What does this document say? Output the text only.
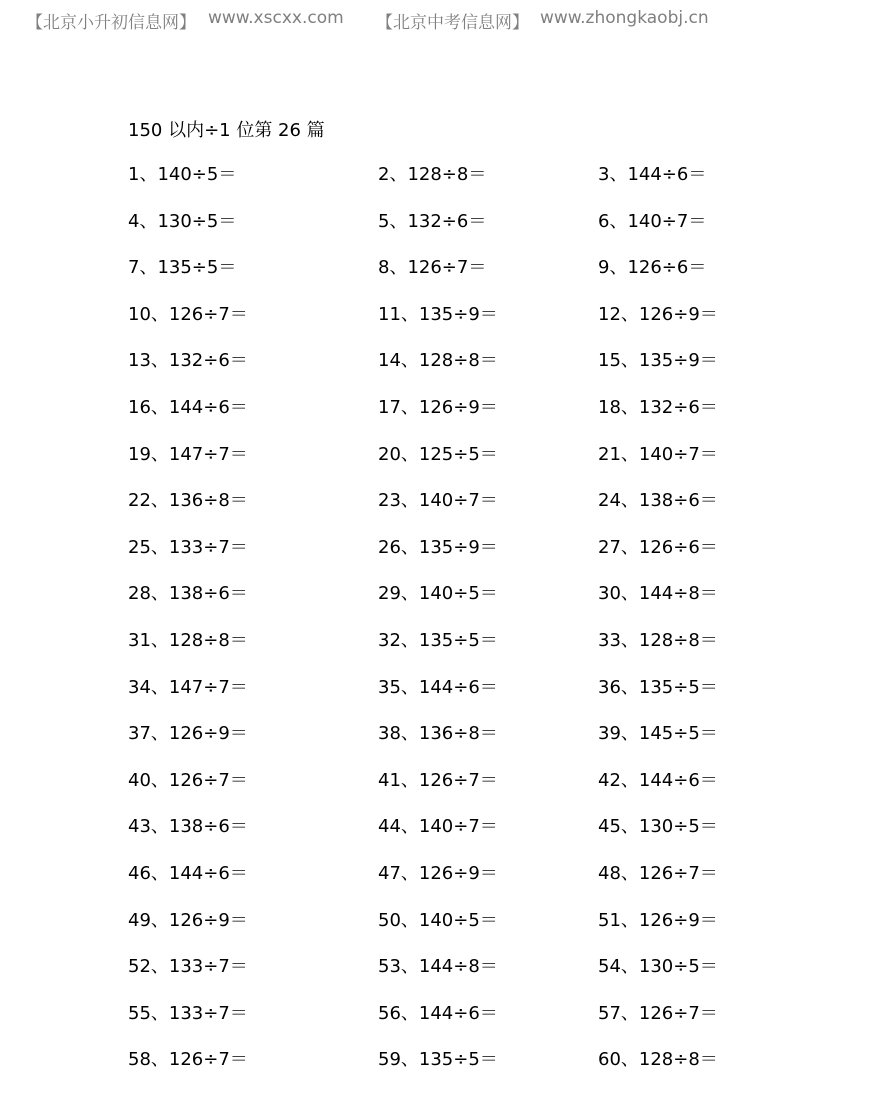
【北京小升初信息网】 www.xscxx.com 【北京中考信息网】 www.zhongkaobj.cn
150 以内÷1 位第 26 篇
1、140÷5＝	2、128÷8＝	3、144÷6＝
4、130÷5＝	5、132÷6＝	6、140÷7＝
7、135÷5＝	8、126÷7＝	9、126÷6＝
10、126÷7＝	11、135÷9＝	12、126÷9＝
13、132÷6＝	14、128÷8＝	15、135÷9＝
16、144÷6＝	17、126÷9＝	18、132÷6＝
19、147÷7＝	20、125÷5＝	21、140÷7＝
22、136÷8＝	23、140÷7＝	24、138÷6＝
25、133÷7＝	26、135÷9＝	27、126÷6＝
28、138÷6＝	29、140÷5＝	30、144÷8＝
31、128÷8＝	32、135÷5＝	33、128÷8＝
34、147÷7＝	35、144÷6＝	36、135÷5＝
37、126÷9＝	38、136÷8＝	39、145÷5＝
40、126÷7＝	41、126÷7＝	42、144÷6＝
43、138÷6＝	44、140÷7＝	45、130÷5＝
46、144÷6＝	47、126÷9＝	48、126÷7＝
49、126÷9＝	50、140÷5＝	51、126÷9＝
52、133÷7＝	53、144÷8＝	54、130÷5＝
55、133÷7＝	56、144÷6＝	57、126÷7＝
58、126÷7＝	59、135÷5＝	60、128÷8＝
